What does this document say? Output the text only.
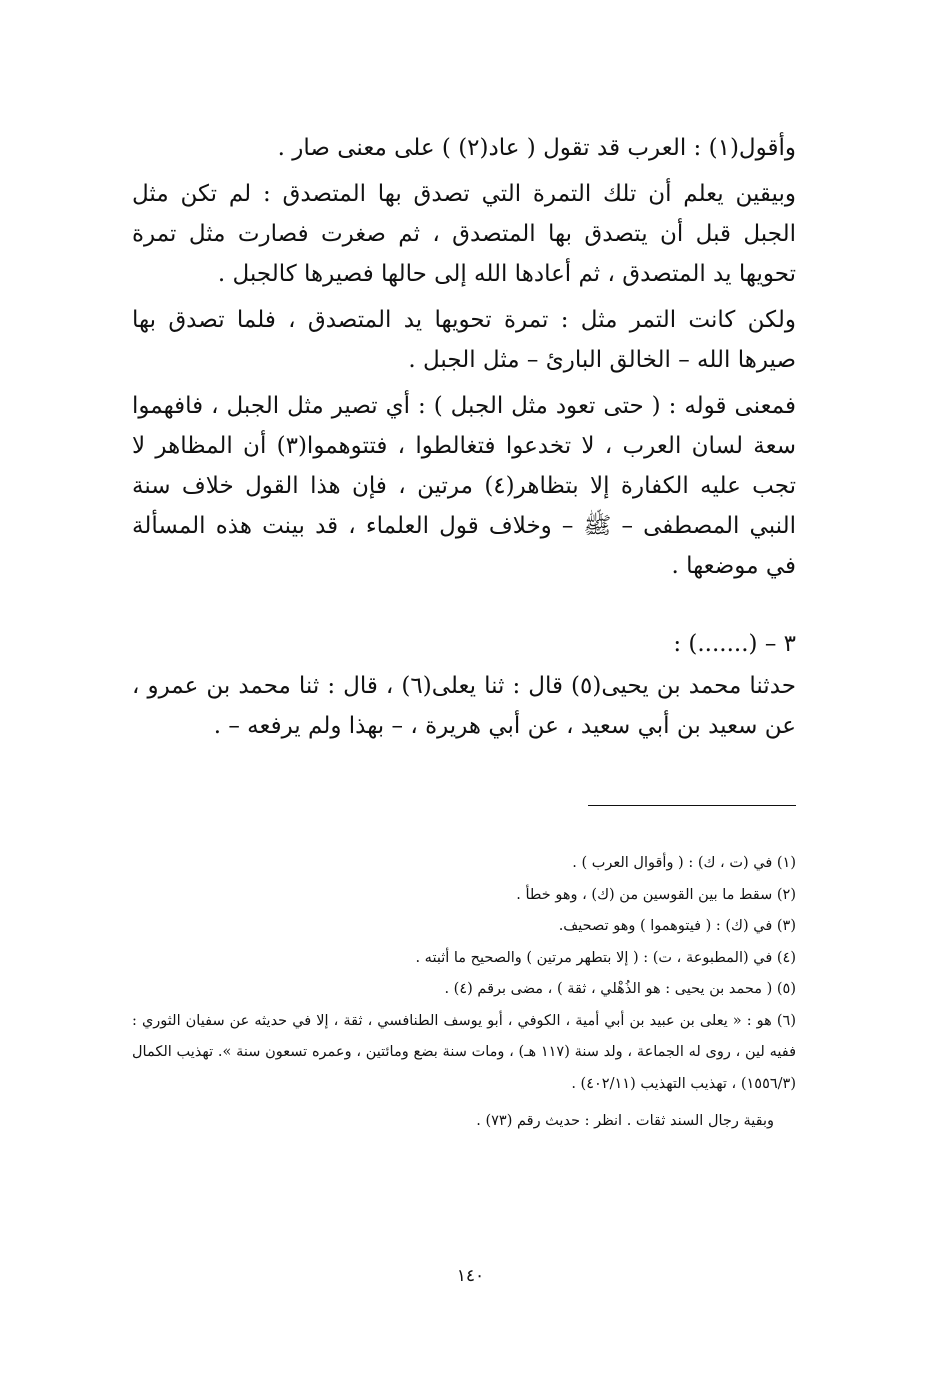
وأقول(١) : العرب قد تقول ( عاد(٢) ) على معنى صار .

وبيقين يعلم أن تلك التمرة التي تصدق بها المتصدق : لم تكن مثل الجبل قبل أن يتصدق بها المتصدق ، ثم صغرت فصارت مثل تمرة تحويها يد المتصدق ، ثم أعادها الله إلى حالها فصيرها كالجبل .

ولكن كانت التمر مثل : تمرة تحويها يد المتصدق ، فلما تصدق بها صيرها الله – الخالق البارئ – مثل الجبل .

فمعنى قوله : ( حتى تعود مثل الجبل ) : أي تصير مثل الجبل ، فافهموا سعة لسان العرب ، لا تخدعوا فتغالطوا ، فتتوهموا(٣) أن المظاهر لا تجب عليه الكفارة إلا بتظاهر(٤) مرتين ، فإن هذا القول خلاف سنة النبي المصطفى – ﷺ – وخلاف قول العلماء ، قد بينت هذه المسألة في موضعها .

٣ – (.......) :

حدثنا محمد بن يحيى(٥) قال : ثنا يعلى(٦) ، قال : ثنا محمد بن عمرو ، عن سعيد بن أبي سعيد ، عن أبي هريرة ، – بهذا ولم يرفعه – .

(١) في (ت ، ك) : ( وأقوال العرب ) .

(٢) سقط ما بين القوسين من (ك) ، وهو خطأ .

(٣) في (ك) : ( فيتوهموا ) وهو تصحيف.

(٤) في (المطبوعة ، ت) : ( إلا بتطهر مرتين ) والصحيح ما أثبته .

(٥) ( محمد بن يحيى : هو الذُهْلي ، ثقة ) ، مضى برقم (٤) .

(٦) هو : « يعلى بن عبيد بن أبي أمية ، الكوفي ، أبو يوسف الطنافسي ، ثقة ، إلا في حديثه عن سفيان الثوري : ففيه لين ، روى له الجماعة ، ولد سنة (١١٧ هـ) ، ومات سنة بضع ومائتين ، وعمره تسعون سنة ». تهذيب الكمال (١٥٥٦/٣) ، تهذيب التهذيب (٤٠٢/١١) .

وبقية رجال السند ثقات . انظر : حديث رقم (٧٣) .

١٤٠
